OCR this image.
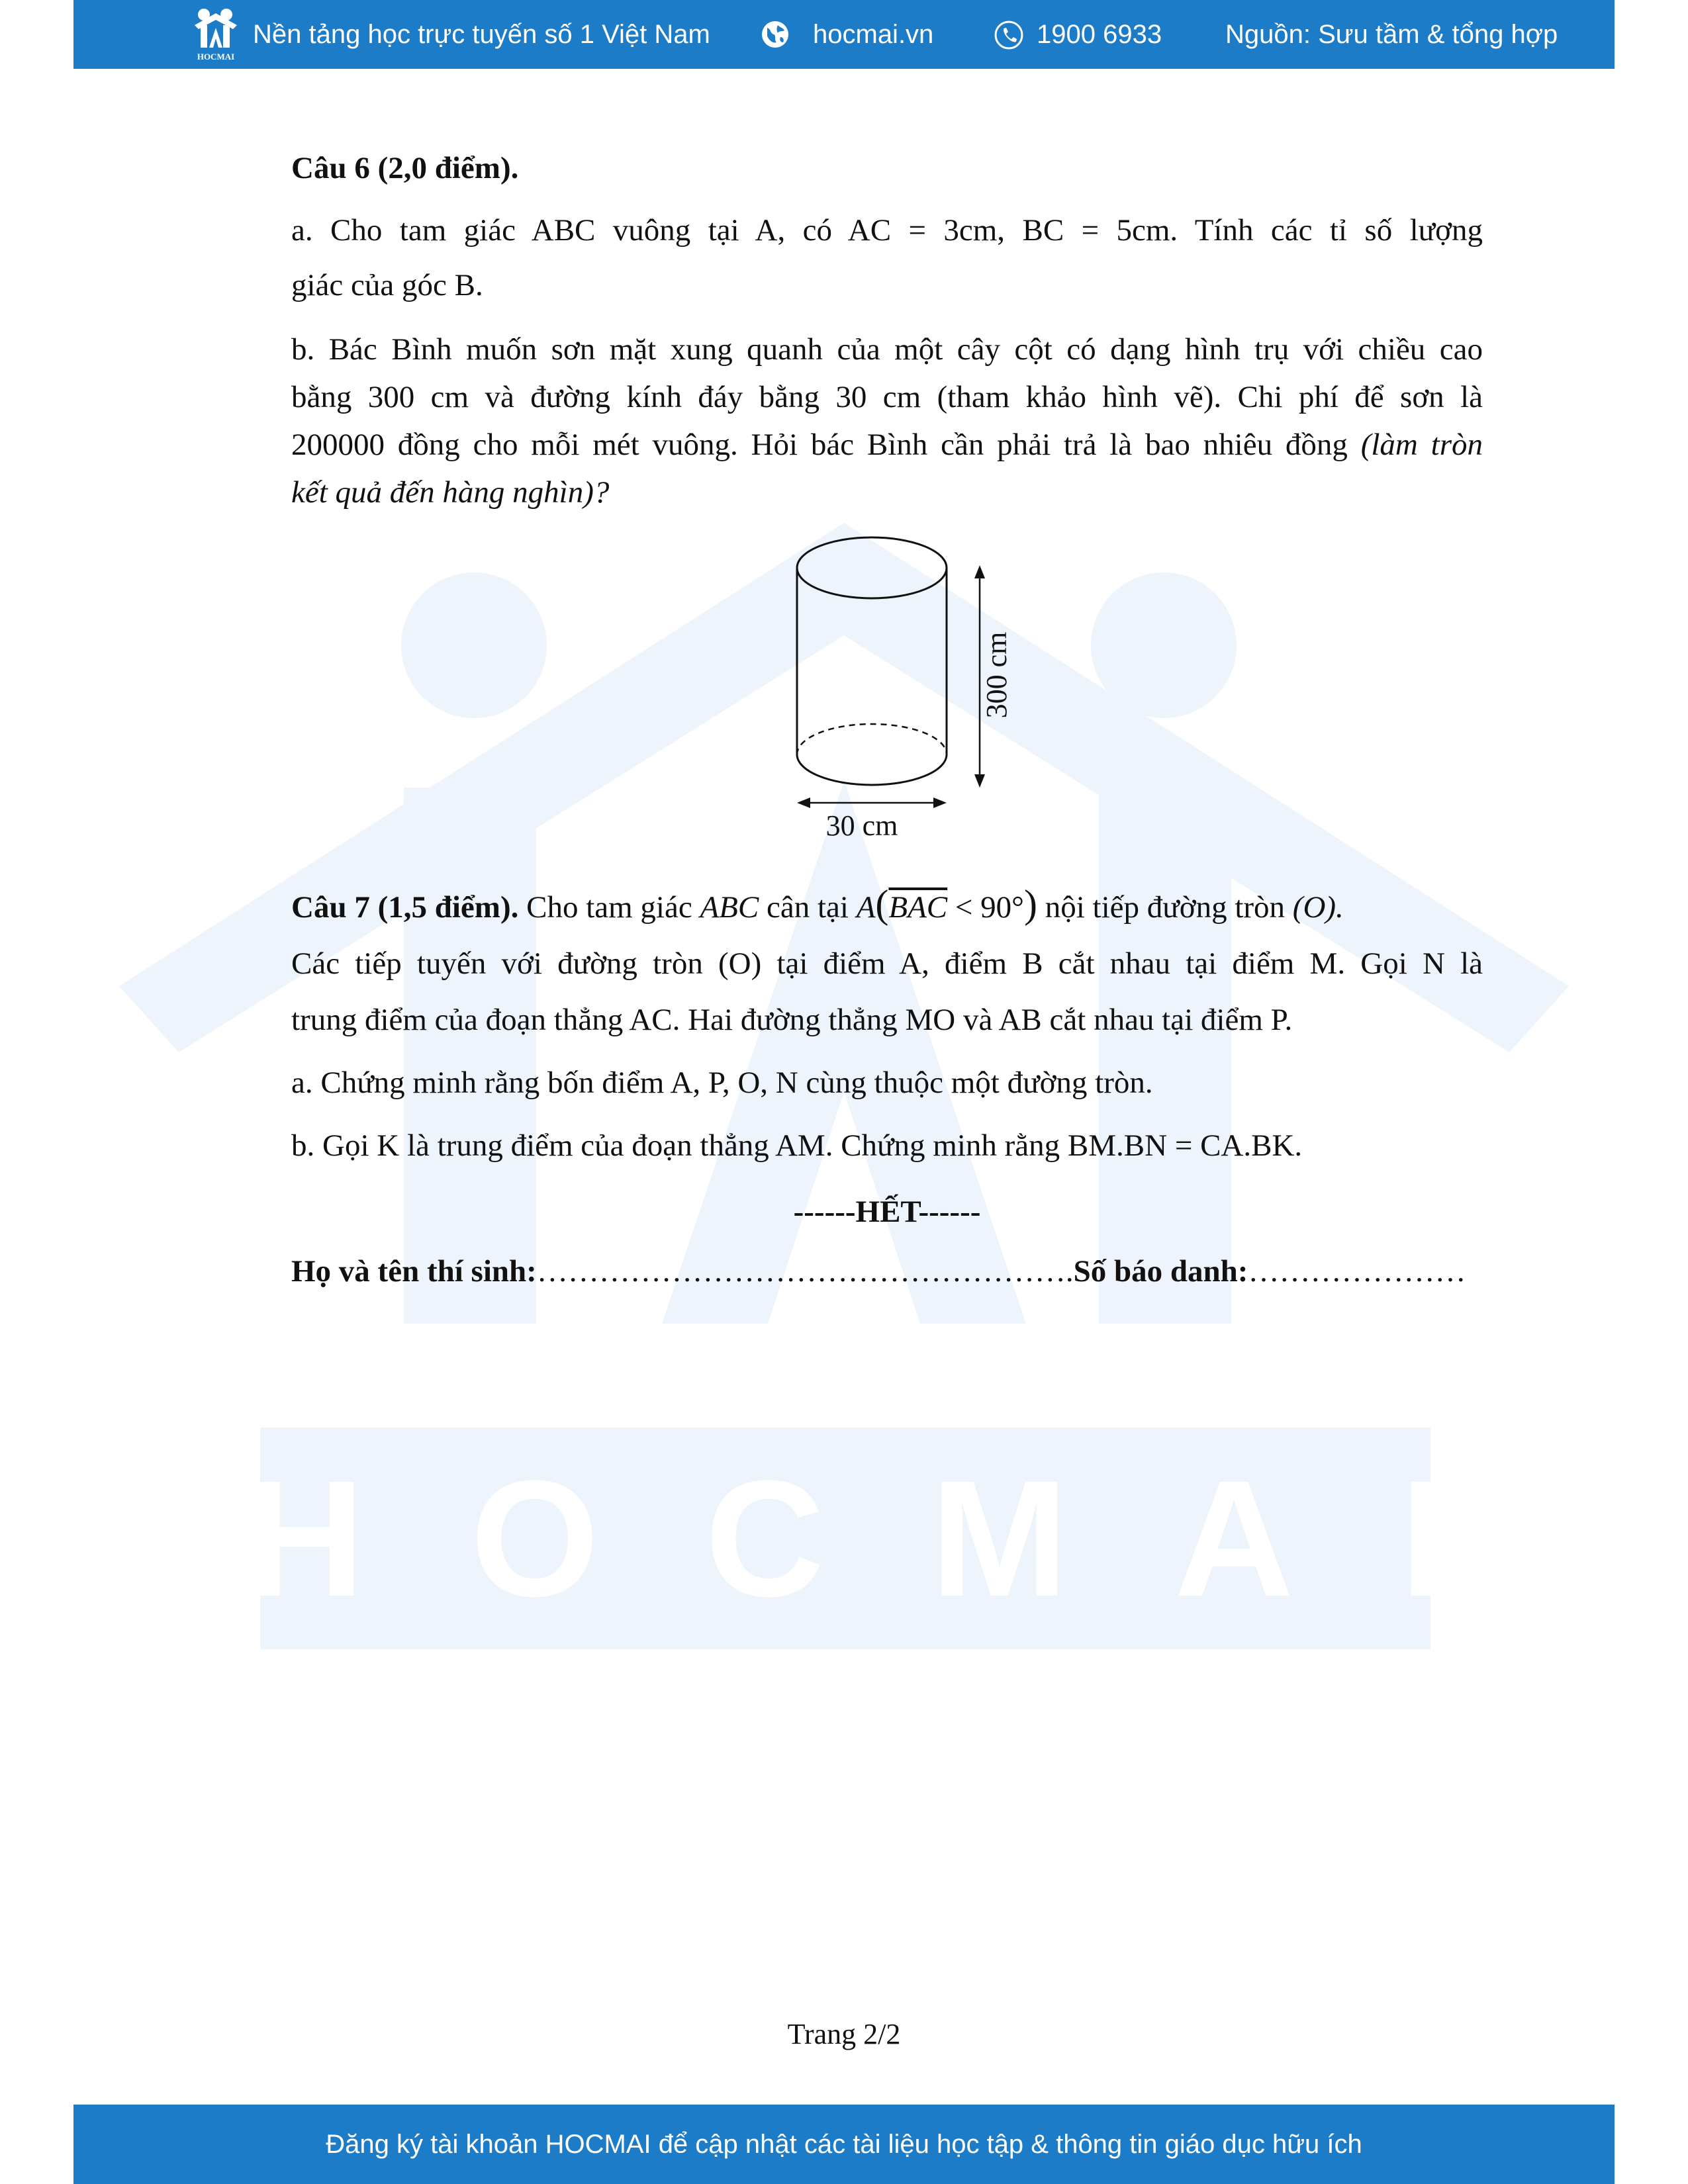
HOCMAI
Nền tảng học trực tuyến số 1 Việt Nam	hocmai.vn	1900 6933 Nguồn: Sưu tầm & tổng hợp
HOCMAI
Câu 6 (2,0 điểm).
a. Cho tam giác ABC vuông tại A, có AC = 3cm, BC = 5cm. Tính các tỉ số lượng
giác của góc B.
b. Bác Bình muốn sơn mặt xung quanh của một cây cột có dạng hình trụ với chiều cao
bằng 300 cm và đường kính đáy bằng 30 cm (tham khảo hình vẽ). Chi phí để sơn là
200000 đồng cho mỗi mét vuông. Hỏi bác Bình cần phải trả là bao nhiêu đồng (làm tròn
kết quả đến hàng nghìn)?
Câu 7 (1,5 điểm). Cho tam giác ABC cân tại $A(\overline{BAC} < 90^\circ)$ nội tiếp đường tròn (O).
Các tiếp tuyến với đường tròn (O) tại điểm A, điểm B cắt nhau tại điểm M. Gọi N là
trung điểm của đoạn thẳng AC. Hai đường thẳng MO và AB cắt nhau tại điểm P.
a. Chứng minh rằng bốn điểm A, P, O, N cùng thuộc một đường tròn.
b. Gọi K là trung điểm của đoạn thẳng AM. Chứng minh rằng BM.BN = CA.BK.
------HẾT------
Họ và tên thí sinh:…………………………………………….Số báo danh:…………………
300 cm
30 cm
Trang 2/2
Đăng ký tài khoản HOCMAI để cập nhật các tài liệu học tập & thông tin giáo dục hữu ích
